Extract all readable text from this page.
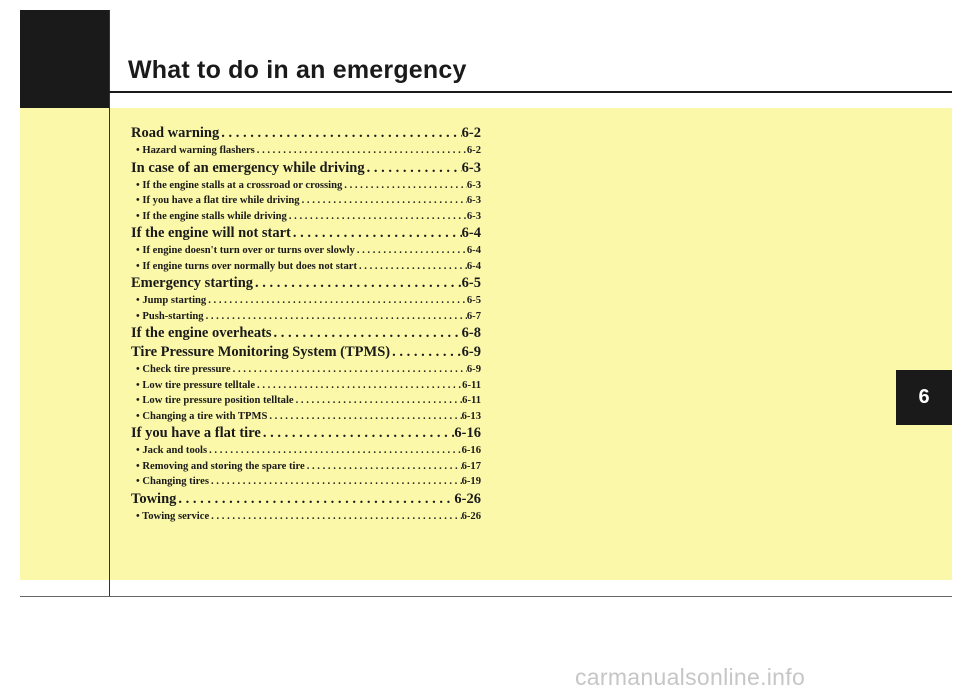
What to do in an emergency
Road warning . . .	6-2
• Hazard warning flashers . . .	6-2
In case of an emergency while driving . . .	6-3
• If the engine stalls at a crossroad or crossing . . .	6-3
• If you have a flat tire while driving . . .	6-3
• If the engine stalls while driving . . .	6-3
If the engine will not start . . .	6-4
• If engine doesn't turn over or turns over slowly . . .	6-4
• If engine turns over normally but does not start . . .	6-4
Emergency starting . . .	6-5
• Jump starting . . .	6-5
• Push-starting . . .	6-7
If the engine overheats . . .	6-8
Tire Pressure Monitoring System (TPMS) . . .	6-9
• Check tire pressure . . .	6-9
• Low tire pressure telltale . . .	6-11
• Low tire pressure position telltale . . .	6-11
• Changing a tire with TPMS . . .	6-13
If you have a flat tire . . .	6-16
• Jack and tools . . .	6-16
• Removing and storing the spare tire . . .	6-17
• Changing tires . . .	6-19
Towing . . .	6-26
• Towing service . . .	6-26
6
carmanualsonline.info
